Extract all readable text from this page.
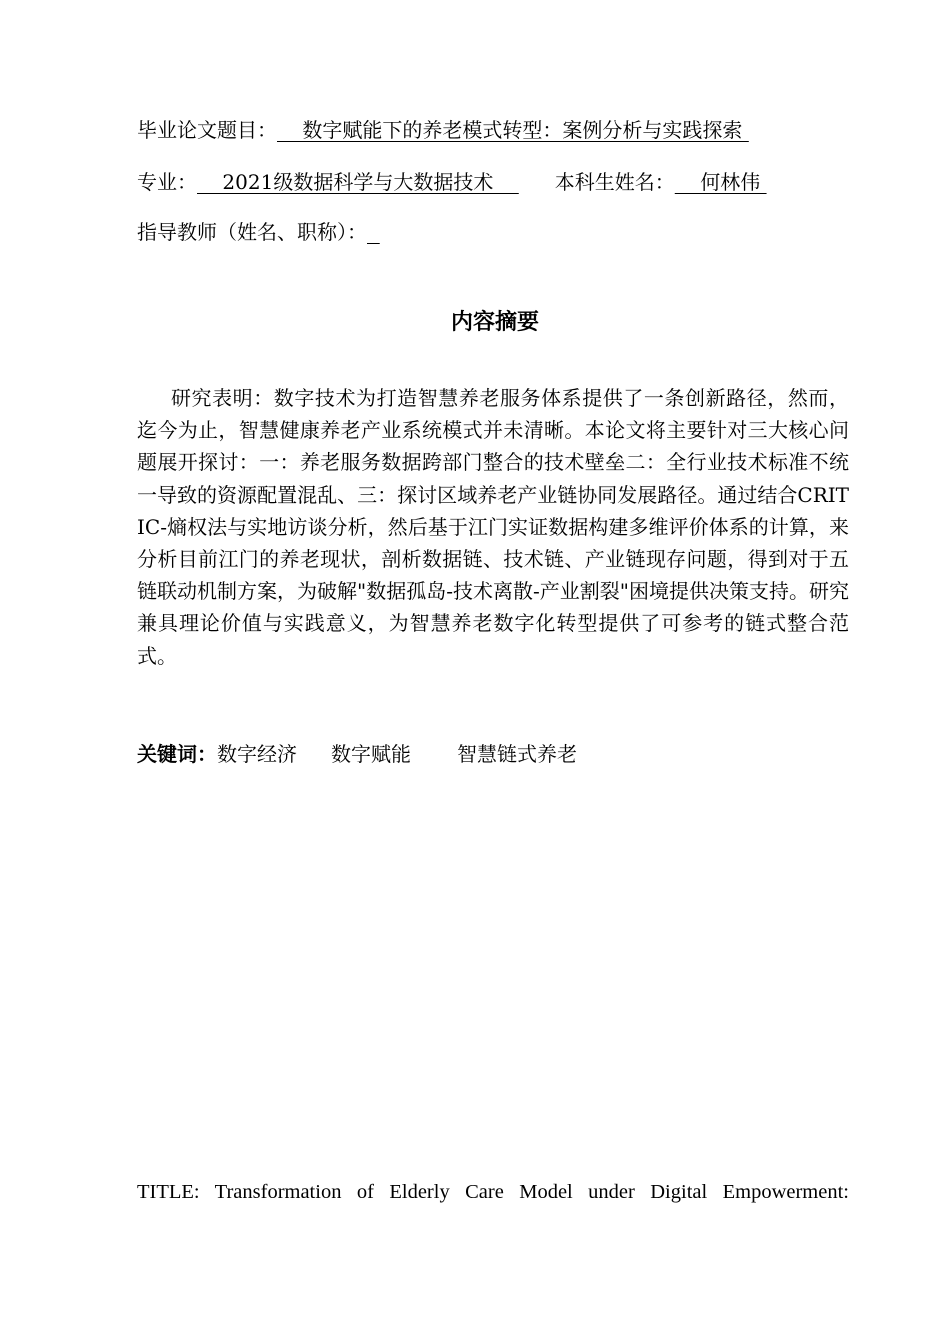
毕业论文题目：    数字赋能下的养老模式转型：案例分析与实践探索
专业：    2021级数据科学与大数据技术    本科生姓名：    何林伟
指导教师（姓名、职称）：
内容摘要

研究表明：数字技术为打造智慧养老服务体系提供了一条创新路径，然而，迄今为止，智慧健康养老产业系统模式并未清晰。本论文将主要针对三大核心问题展开探讨：一：养老服务数据跨部门整合的技术壁垒二：全行业技术标准不统一导致的资源配置混乱、三：探讨区域养老产业链协同发展路径。通过结合CRITIC-熵权法与实地访谈分析，然后基于江门实证数据构建多维评价体系的计算，来分析目前江门的养老现状，剖析数据链、技术链、产业链现存问题，得到对于五链联动机制方案，为破解"数据孤岛-技术离散-产业割裂"困境提供决策支持。研究兼具理论价值与实践意义，为智慧养老数字化转型提供了可参考的链式整合范式。

关键词：数字经济 数字赋能 智慧链式养老
TITLE: Transformation of Elderly Care Model under Digital Empowerment:
